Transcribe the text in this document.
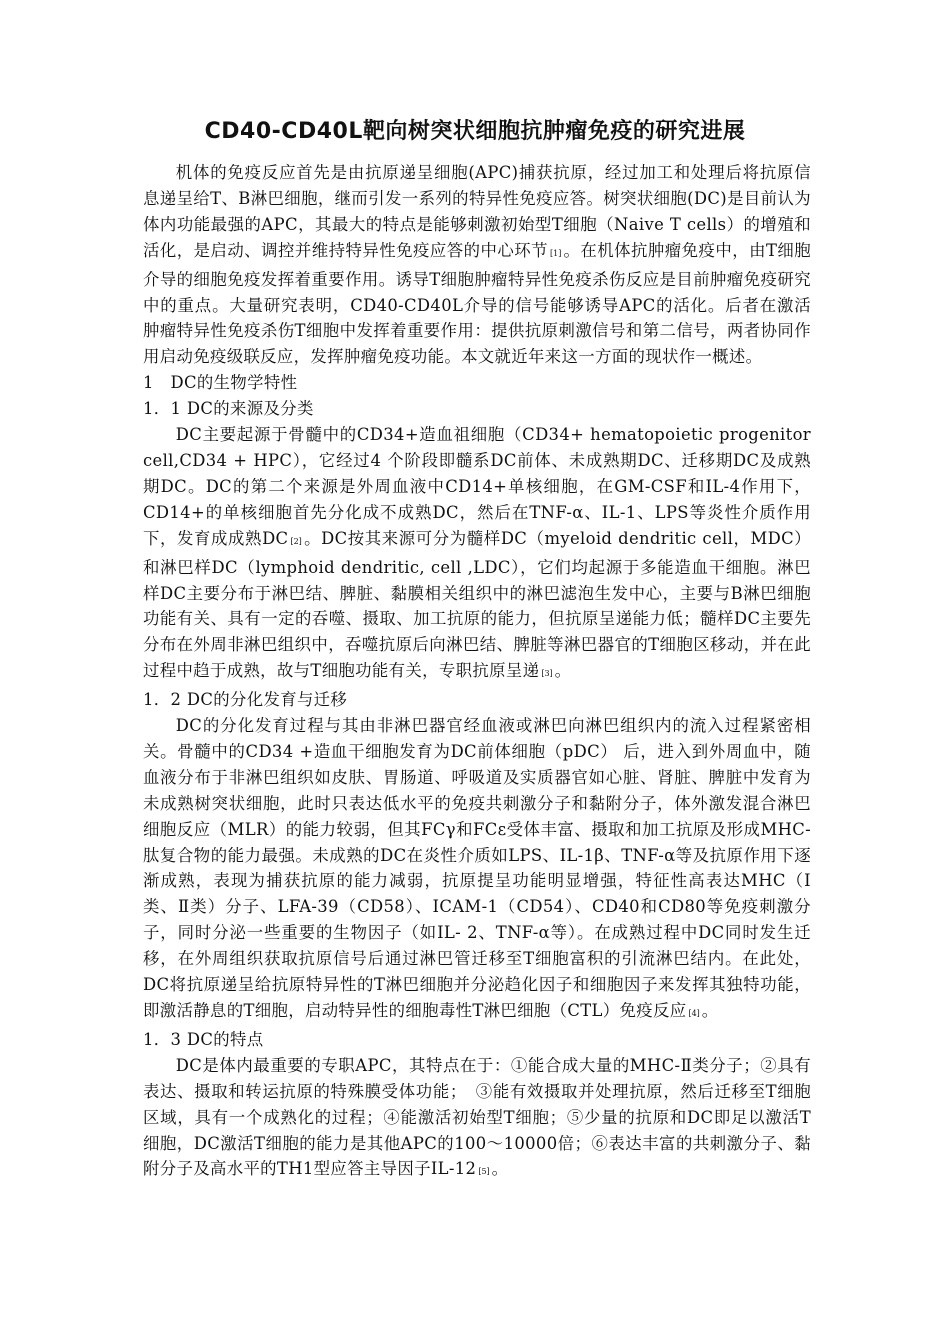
CD40-CD40L靶向树突状细胞抗肿瘤免疫的研究进展

机体的免疫反应首先是由抗原递呈细胞(APC)捕获抗原，经过加工和处理后将抗原信息递呈给T、B淋巴细胞，继而引发一系列的特异性免疫应答。树突状细胞(DC)是目前认为体内功能最强的APC，其最大的特点是能够刺激初始型T细胞（Naive T cells）的增殖和活化，是启动、调控并维持特异性免疫应答的中心环节 [1] 。在机体抗肿瘤免疫中，由T细胞介导的细胞免疫发挥着重要作用。诱导T细胞肿瘤特异性免疫杀伤反应是目前肿瘤免疫研究中的重点。大量研究表明，CD40-CD40L介导的信号能够诱导APC的活化。后者在激活肿瘤特异性免疫杀伤T细胞中发挥着重要作用：提供抗原刺激信号和第二信号，两者协同作用启动免疫级联反应，发挥肿瘤免疫功能。本文就近年来这一方面的现状作一概述。

1　DC的生物学特性

1．1 DC的来源及分类

DC主要起源于骨髓中的CD34+造血祖细胞（CD34+ hematopoietic progenitor cell,CD34 + HPC），它经过4 个阶段即髓系DC前体、未成熟期DC、迁移期DC及成熟期DC。DC的第二个来源是外周血液中CD14+单核细胞，在GM-CSF和IL-4作用下，CD14+的单核细胞首先分化成不成熟DC，然后在TNF-α、IL-1、LPS等炎性介质作用下，发育成成熟DC [2] 。DC按其来源可分为髓样DC（myeloid dendritic cell，MDC）和淋巴样DC（lymphoid dendritic, cell ,LDC），它们均起源于多能造血干细胞。淋巴样DC主要分布于淋巴结、脾脏、黏膜相关组织中的淋巴滤泡生发中心，主要与B淋巴细胞功能有关、具有一定的吞噬、摄取、加工抗原的能力，但抗原呈递能力低；髓样DC主要先分布在外周非淋巴组织中，吞噬抗原后向淋巴结、脾脏等淋巴器官的T细胞区移动，并在此过程中趋于成熟，故与T细胞功能有关，专职抗原呈递 [3] 。

1．2 DC的分化发育与迁移

DC的分化发育过程与其由非淋巴器官经血液或淋巴向淋巴组织内的流入过程紧密相关。骨髓中的CD34 +造血干细胞发育为DC前体细胞（pDC） 后，进入到外周血中，随血液分布于非淋巴组织如皮肤、胃肠道、呼吸道及实质器官如心脏、肾脏、脾脏中发育为未成熟树突状细胞，此时只表达低水平的免疫共刺激分子和黏附分子，体外激发混合淋巴细胞反应（MLR）的能力较弱，但其FCγ和FCε受体丰富、摄取和加工抗原及形成MHC-肽复合物的能力最强。未成熟的DC在炎性介质如LPS、IL-1β、TNF-α等及抗原作用下逐渐成熟，表现为捕获抗原的能力减弱，抗原提呈功能明显增强，特征性高表达MHC（Ⅰ类、Ⅱ类）分子、LFA-39（CD58）、ICAM-1（CD54）、CD40和CD80等免疫刺激分子，同时分泌一些重要的生物因子（如IL- 2、TNF-α等）。在成熟过程中DC同时发生迁移，在外周组织获取抗原信号后通过淋巴管迁移至T细胞富积的引流淋巴结内。在此处，DC将抗原递呈给抗原特异性的T淋巴细胞并分泌趋化因子和细胞因子来发挥其独特功能，即激活静息的T细胞，启动特异性的细胞毒性T淋巴细胞（CTL）免疫反应 [4] 。

1．3 DC的特点

DC是体内最重要的专职APC，其特点在于：①能合成大量的MHC-Ⅱ类分子；②具有表达、摄取和转运抗原的特殊膜受体功能；　③能有效摄取并处理抗原，然后迁移至T细胞区域，具有一个成熟化的过程；④能激活初始型T细胞；⑤少量的抗原和DC即足以激活T细胞，DC激活T细胞的能力是其他APC的100～10000倍；⑥表达丰富的共刺激分子、黏附分子及高水平的TH1型应答主导因子IL-12 [5] 。
